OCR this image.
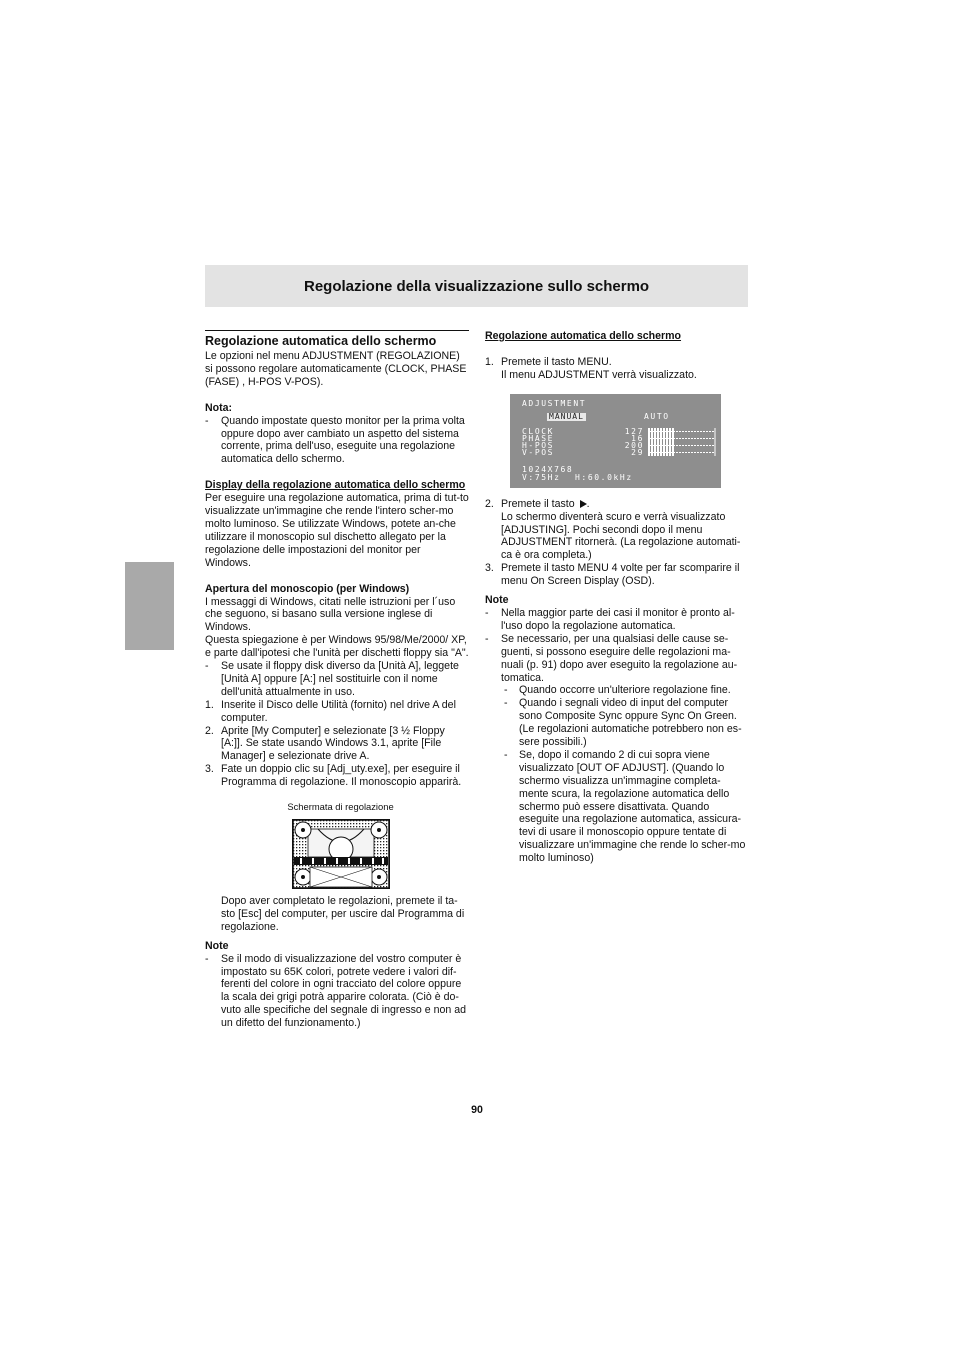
Regolazione della visualizzazione sullo schermo
Regolazione automatica dello schermo

Le opzioni nel menu ADJUSTMENT (REGOLAZIONE) si possono regolare automaticamente (CLOCK, PHASE (FASE) , H-POS V-POS).

Nota:

- Quando impostate questo monitor per la prima volta oppure dopo aver cambiato un aspetto del sistema corrente, prima dell'uso, eseguite una regolazione automatica dello schermo.

Display della regolazione automatica dello schermo

Per eseguire una regolazione automatica, prima di tut-to visualizzate un'immagine che rende l'intero scher-mo molto luminoso. Se utilizzate Windows, potete an-che utilizzare il monoscopio sul dischetto allegato per la regolazione delle impostazioni del monitor per Windows.

Apertura del monoscopio (per Windows)

I messaggi di Windows, citati nelle istruzioni per l´uso che seguono, si basano sulla versione inglese di Windows.

Questa spiegazione è per Windows 95/98/Me/2000/ XP, e parte dall'ipotesi che l'unità per dischetti floppy sia "A".

- Se usate il floppy disk diverso da [Unità A], leggete [Unità A] oppure [A:] nel sostituirle con il nome dell'unità attualmente in uso.
1. Inserite il Disco delle Utilità (fornito) nel drive A del computer.
2. Aprite [My Computer] e selezionate [3 ½ Floppy [A:]]. Se state usando Windows 3.1, aprite [File Manager] e selezionate drive A.
3. Fate un doppio clic su [Adj_uty.exe], per eseguire il Programma di regolazione. Il monoscopio apparirà.
Schermata di regolazione

Dopo aver completato le regolazioni, premete il ta-sto [Esc] del computer, per uscire dal Programma di regolazione.

Note

- Se il modo di visualizzazione del vostro computer è impostato su 65K colori, potrete vedere i valori dif-ferenti del colore in ogni tracciato del colore oppure la scala dei grigi potrà apparire colorata. (Ciò è do-vuto alle specifiche del segnale di ingresso e non ad un difetto del funzionamento.)

Regolazione automatica dello schermo

1. Premete il tasto MENU.
Il menu ADJUSTMENT verrà visualizzato.
ADJUSTMENT
MANUAL	AUTO
CLOCK	127
PHASE	16
H-POS	200
V-POS	29
1024X768
V:75Hz H:60.0kHz
2. Premete il tasto .
Lo schermo diventerà scuro e verrà visualizzato [ADJUSTING]. Pochi secondi dopo il menu ADJUSTMENT ritornerà. (La regolazione automati-ca è ora completa.)
3. Premete il tasto MENU 4 volte per far scomparire il menu On Screen Display (OSD).

Note

- Nella maggior parte dei casi il monitor è pronto al-l'uso dopo la regolazione automatica.
- Se necessario, per una qualsiasi delle cause se-guenti, si possono eseguire delle regolazioni ma-nuali (p. 91) dopo aver eseguito la regolazione au-tomatica.
- Quando occorre un'ulteriore regolazione fine.
- Quando i segnali video di input del computer sono Composite Sync oppure Sync On Green. (Le regolazioni automatiche potrebbero non es-sere possibili.)
- Se, dopo il comando 2 di cui sopra viene visualizzato [OUT OF ADJUST]. (Quando lo schermo visualizza un'immagine completa-mente scura, la regolazione automatica dello schermo può essere disattivata. Quando eseguite una regolazione automatica, assicura-tevi di usare il monoscopio oppure tentate di visualizzare un'immagine che rende lo scher-mo molto luminoso)
90
